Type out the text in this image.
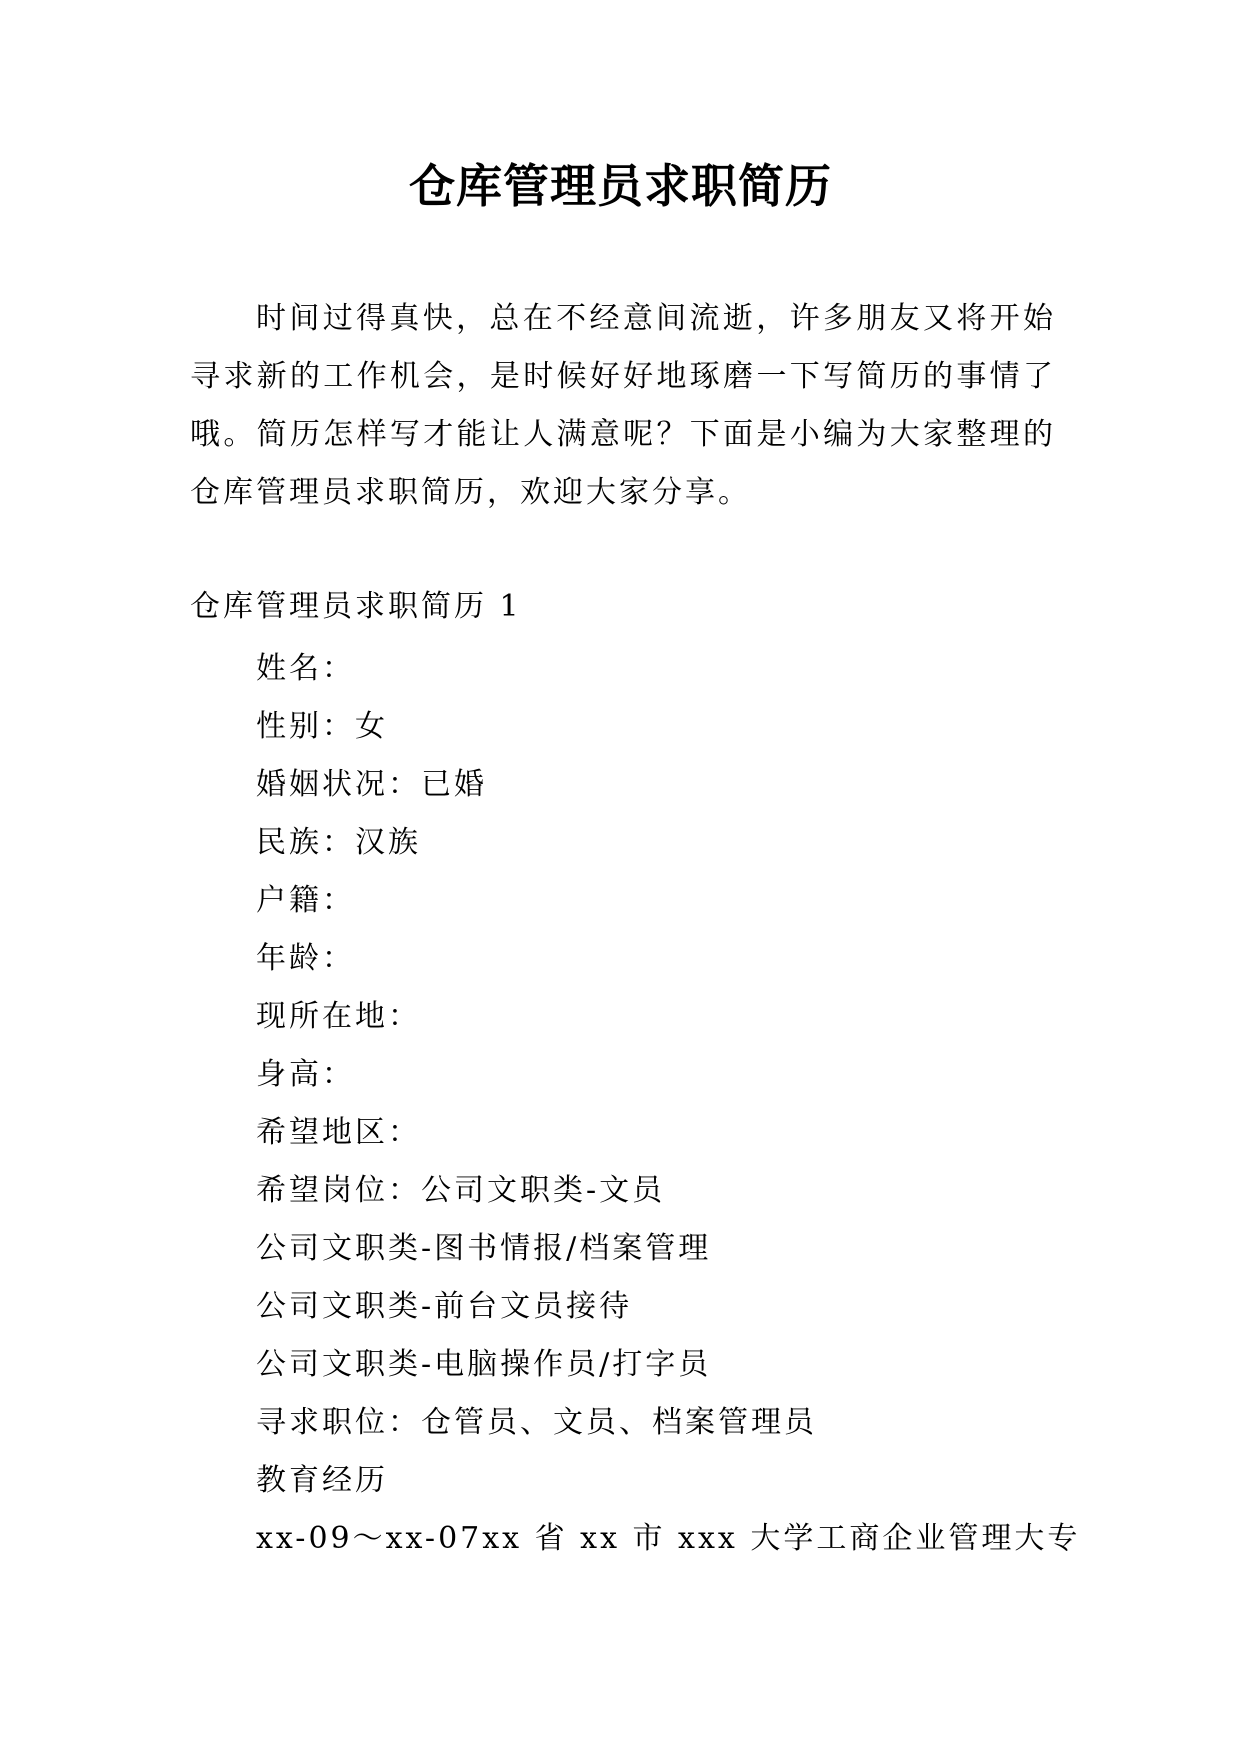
仓库管理员求职简历

时间过得真快，总在不经意间流逝，许多朋友又将开始寻求新的工作机会，是时候好好地琢磨一下写简历的事情了哦。简历怎样写才能让人满意呢？下面是小编为大家整理的仓库管理员求职简历，欢迎大家分享。

仓库管理员求职简历 1

姓名：
性别：女
婚姻状况：已婚
民族：汉族
户籍：
年龄：
现所在地：
身高：
希望地区：
希望岗位：公司文职类-文员
公司文职类-图书情报/档案管理
公司文职类-前台文员接待
公司文职类-电脑操作员/打字员
寻求职位：仓管员、文员、档案管理员
教育经历
xx-09～xx-07xx 省 xx 市 xxx 大学工商企业管理大专
